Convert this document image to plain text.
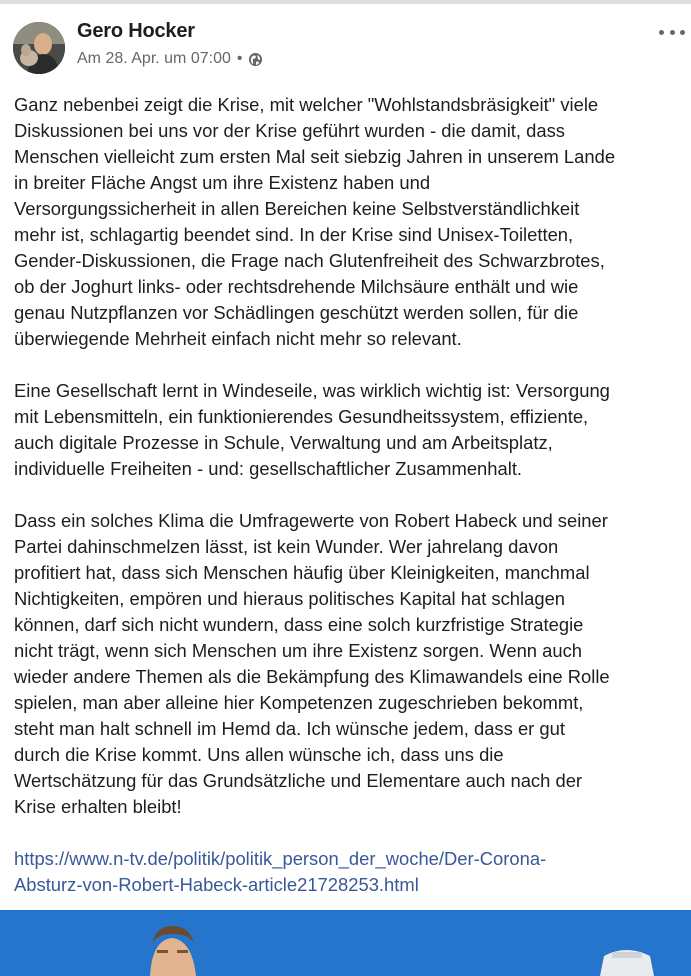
Gero Hocker
Am 28. Apr. um 07:00 •

Ganz nebenbei zeigt die Krise, mit welcher "Wohlstandsbräsigkeit" viele
Diskussionen bei uns vor der Krise geführt wurden - die damit, dass
Menschen vielleicht zum ersten Mal seit siebzig Jahren in unserem Lande
in breiter Fläche Angst um ihre Existenz haben und
Versorgungssicherheit in allen Bereichen keine Selbstverständlichkeit
mehr ist, schlagartig beendet sind. In der Krise sind Unisex-Toiletten,
Gender-Diskussionen, die Frage nach Glutenfreiheit des Schwarzbrotes,
ob der Joghurt links- oder rechtsdrehende Milchsäure enthält und wie
genau Nutzpflanzen vor Schädlingen geschützt werden sollen, für die
überwiegende Mehrheit einfach nicht mehr so relevant.

Eine Gesellschaft lernt in Windeseile, was wirklich wichtig ist: Versorgung
mit Lebensmitteln, ein funktionierendes Gesundheitssystem, effiziente,
auch digitale Prozesse in Schule, Verwaltung und am Arbeitsplatz,
individuelle Freiheiten - und: gesellschaftlicher Zusammenhalt.

Dass ein solches Klima die Umfragewerte von Robert Habeck und seiner
Partei dahinschmelzen lässt, ist kein Wunder. Wer jahrelang davon
profitiert hat, dass sich Menschen häufig über Kleinigkeiten, manchmal
Nichtigkeiten, empören und hieraus politisches Kapital hat schlagen
können, darf sich nicht wundern, dass eine solch kurzfristige Strategie
nicht trägt, wenn sich Menschen um ihre Existenz sorgen. Wenn auch
wieder andere Themen als die Bekämpfung des Klimawandels eine Rolle
spielen, man aber alleine hier Kompetenzen zugeschrieben bekommt,
steht man halt schnell im Hemd da. Ich wünsche jedem, dass er gut
durch die Krise kommt. Uns allen wünsche ich, dass uns die
Wertschätzung für das Grundsätzliche und Elementare auch nach der
Krise erhalten bleibt!

https://www.n-tv.de/politik/politik_person_der_woche/Der-Corona-
Absturz-von-Robert-Habeck-article21728253.html
